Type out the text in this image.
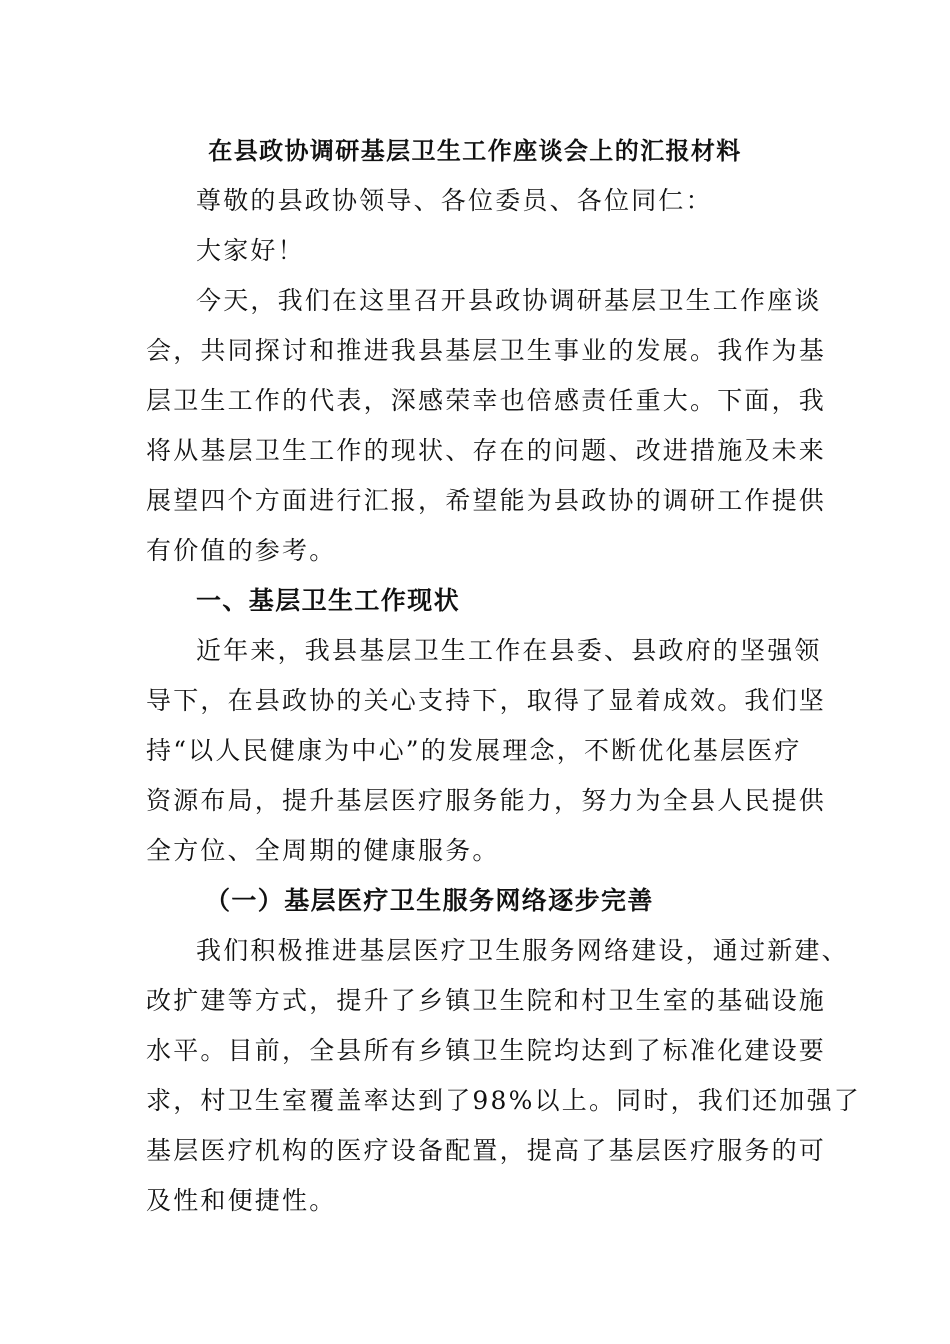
在县政协调研基层卫生工作座谈会上的汇报材料
尊敬的县政协领导、各位委员、各位同仁：
大家好！
今天，我们在这里召开县政协调研基层卫生工作座谈
会，共同探讨和推进我县基层卫生事业的发展。我作为基
层卫生工作的代表，深感荣幸也倍感责任重大。下面，我
将从基层卫生工作的现状、存在的问题、改进措施及未来
展望四个方面进行汇报，希望能为县政协的调研工作提供
有价值的参考。
一、基层卫生工作现状
近年来，我县基层卫生工作在县委、县政府的坚强领
导下，在县政协的关心支持下，取得了显着成效。我们坚
持“以人民健康为中心”的发展理念，不断优化基层医疗
资源布局，提升基层医疗服务能力，努力为全县人民提供
全方位、全周期的健康服务。
（一）基层医疗卫生服务网络逐步完善
我们积极推进基层医疗卫生服务网络建设，通过新建、
改扩建等方式，提升了乡镇卫生院和村卫生室的基础设施
水平。目前，全县所有乡镇卫生院均达到了标准化建设要
求，村卫生室覆盖率达到了98%以上。同时，我们还加强了
基层医疗机构的医疗设备配置，提高了基层医疗服务的可
及性和便捷性。
